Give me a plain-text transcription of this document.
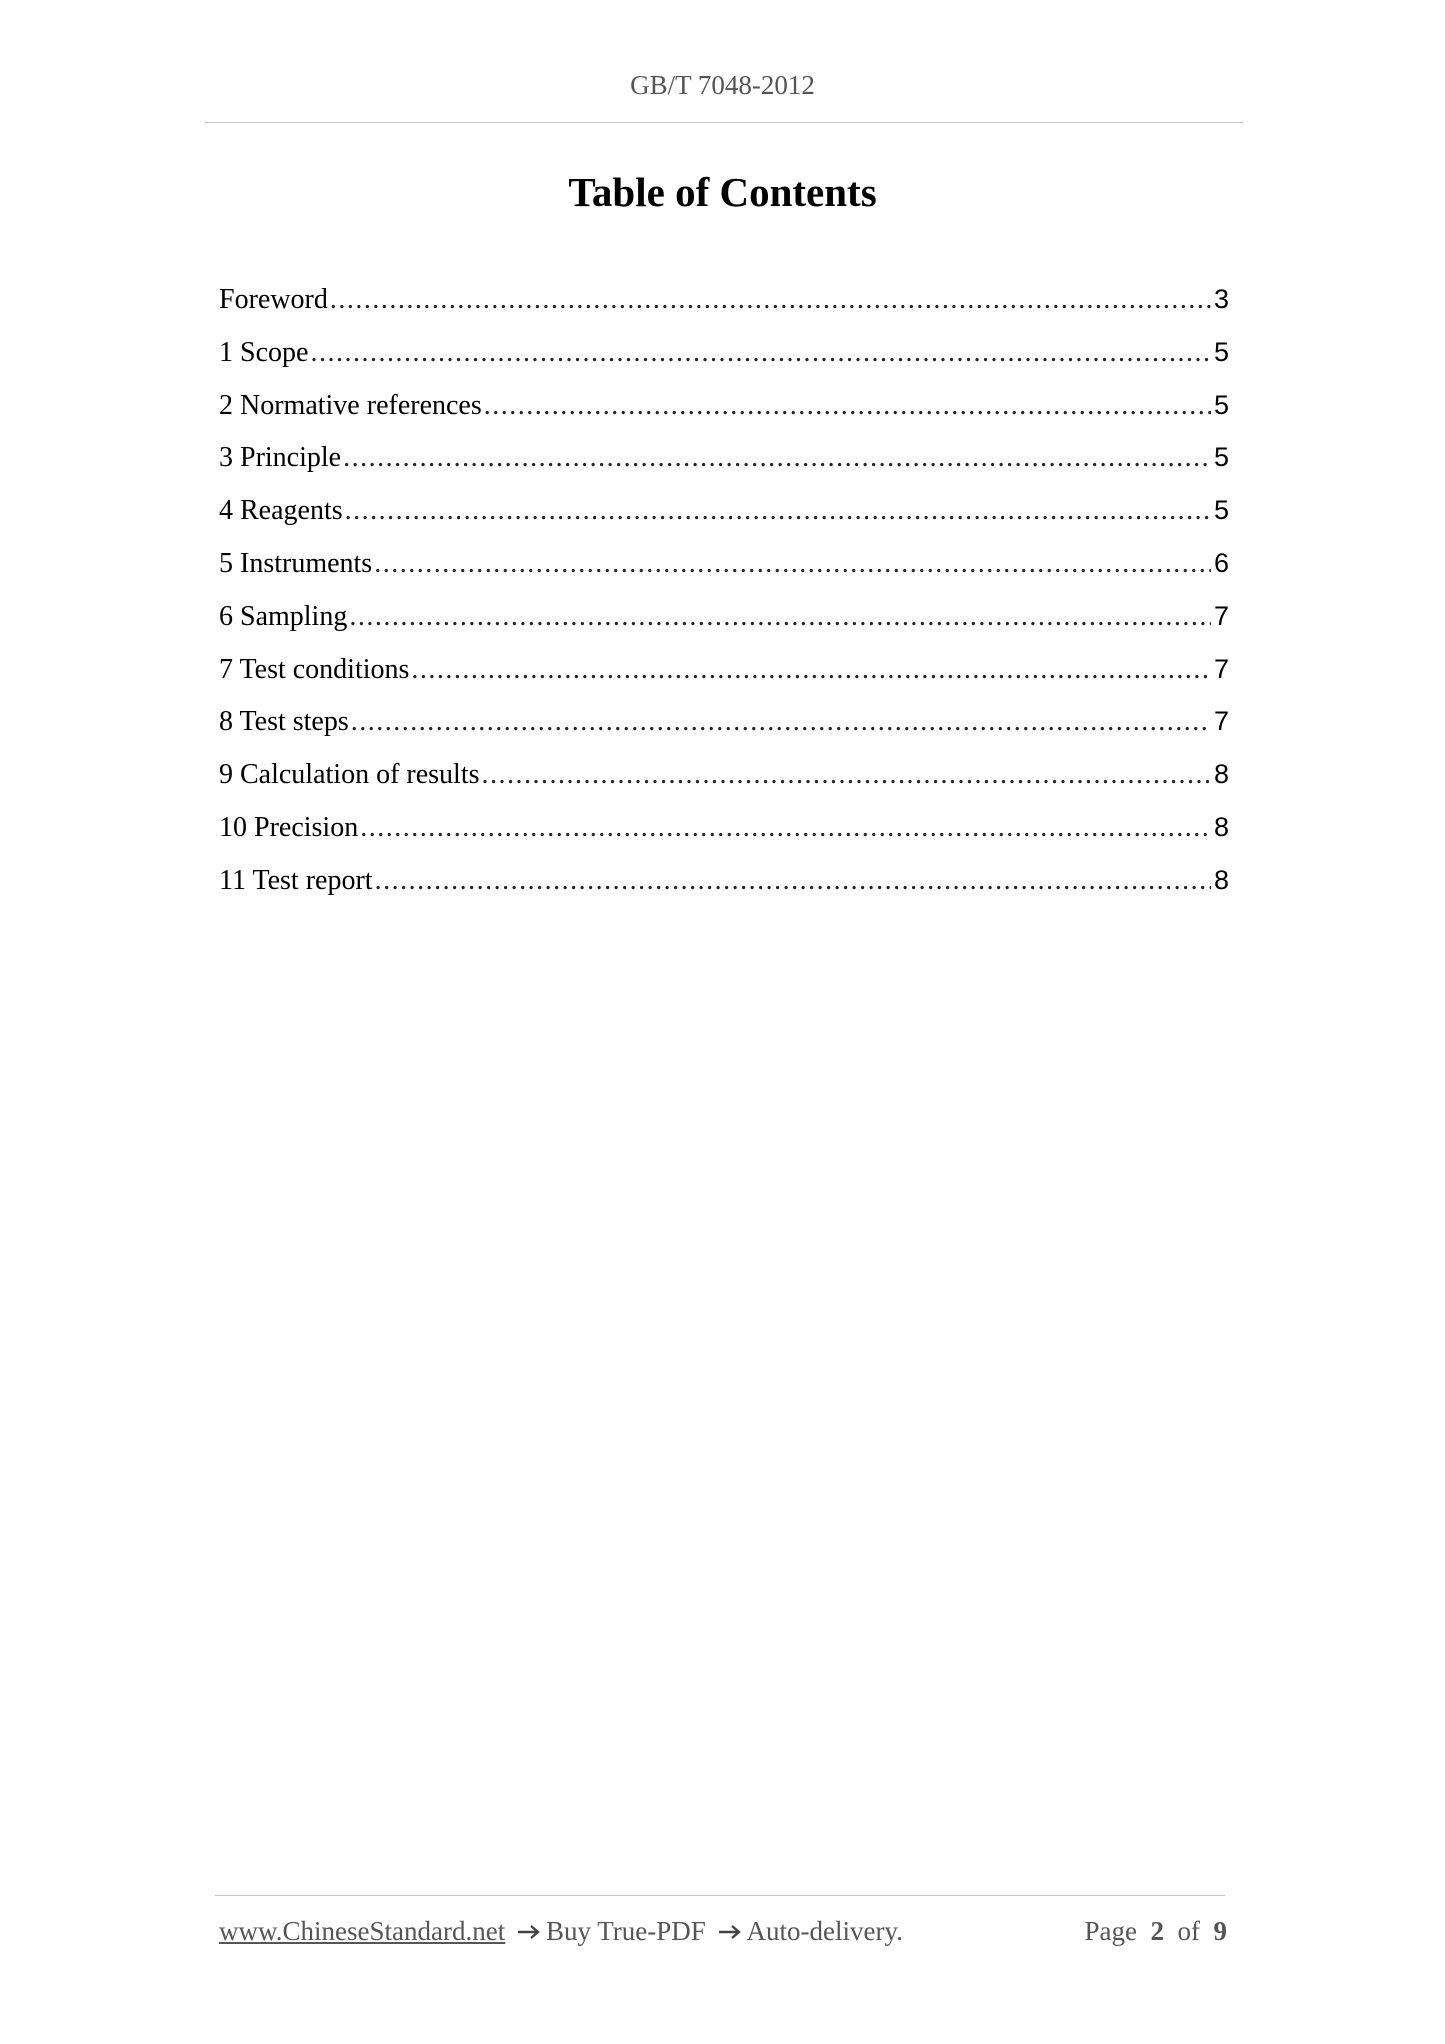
GB/T 7048-2012
Table of Contents
Foreword .....	3
1 Scope .....	5
2 Normative references .....	5
3 Principle .....	5
4 Reagents .....	5
5 Instruments .....	6
6 Sampling .....	7
7 Test conditions .....	7
8 Test steps .....	7
9 Calculation of results .....	8
10 Precision .....	8
11 Test report .....	8
www.ChineseStandard.net Buy True-PDF Auto-delivery.	Page 2 of 9
